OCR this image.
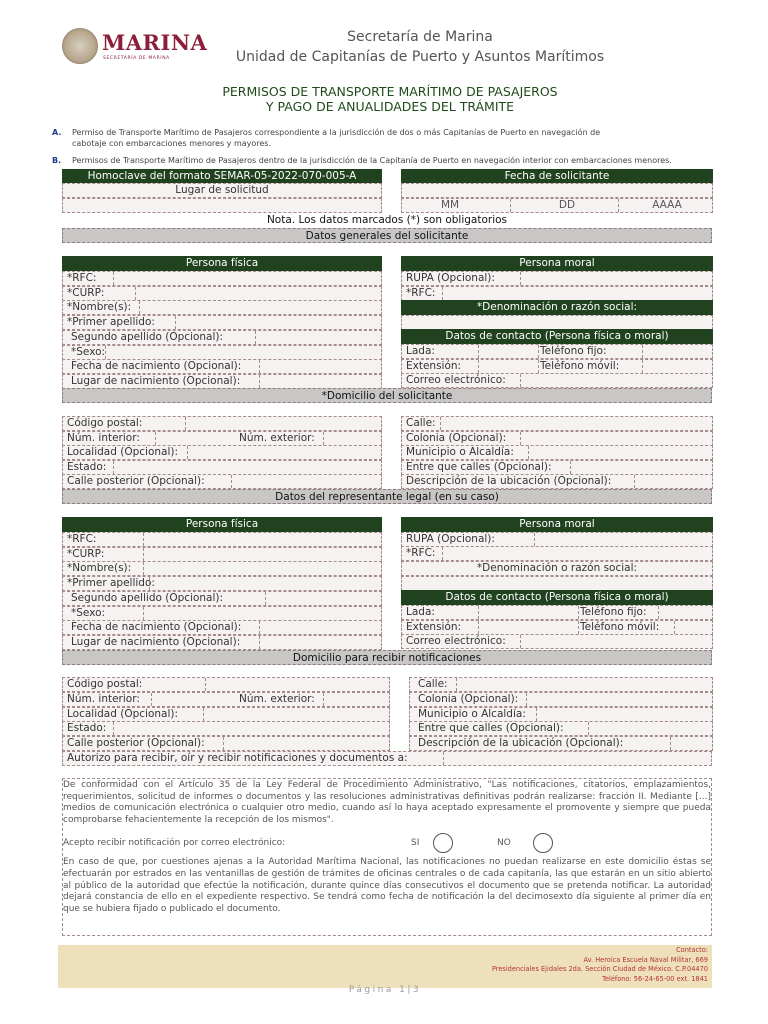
MARINA
SECRETARÍA DE MARINA
Secretaría de Marina
Unidad de Capitanías de Puerto y Asuntos Marítimos
PERMISOS DE TRANSPORTE MARÍTIMO DE PASAJEROS
Y PAGO DE ANUALIDADES DEL TRÁMITE
A. Permiso de Transporte Marítimo de Pasajeros correspondiente a la jurisdicción de dos o más Capitanías de Puerto en navegación de
cabotaje con embarcaciones menores y mayores.
B. Permisos de Transporte Marítimo de Pasajeros dentro de la jurisdicción de la Capitanía de Puerto en navegación interior con embarcaciones menores.
Homoclave del formato SEMAR-05-2022-070-005-A
Lugar de solicitud
Fecha de solicitante
MM	DD	AAAA
Nota. Los datos marcados (*) son obligatorios
Datos generales del solicitante
Persona física
*RFC:
*CURP:
*Nombre(s):
*Primer apellido:
Segundo apellido (Opcional):
*Sexo:
Fecha de nacimiento (Opcional):
Lugar de nacimiento (Opcional):
Persona moral
RUPA (Opcional):
*RFC:
*Denominación o razón social:
Datos de contacto (Persona física o moral)
Lada:	Teléfono fijo:
Extensión:	Teléfono móvil:
Correo electrónico:
*Domicilio del solicitante
Código postal:
Núm. interior:	Núm. exterior:
Localidad (Opcional):
Estado:
Calle posterior (Opcional):
Calle:
Colonia (Opcional):
Municipio o Alcaldía:
Entre que calles (Opcional):
Descripción de la ubicación (Opcional):
Datos del representante legal (en su caso)
Persona física
*RFC:
*CURP:
*Nombre(s):
*Primer apellido:
Segundo apellido (Opcional):
*Sexo:
Fecha de nacimiento (Opcional):
Lugar de nacimiento (Opcional):
Persona moral
RUPA (Opcional):
*RFC:
*Denominación o razón social:
Datos de contacto (Persona física o moral)
Lada:	Teléfono fijo:
Extensión:	Teléfono móvil:
Correo electrónico:
Domicilio para recibir notificaciones
Código postal:
Núm. interior:	Núm. exterior:
Localidad (Opcional):
Estado:
Calle posterior (Opcional):
Calle:
Colonia (Opcional):
Municipio o Alcaldía:
Entre que calles (Opcional):
Descripción de la ubicación (Opcional):
Autorizo para recibir, oír y recibir notificaciones y documentos a:
De conformidad con el Artículo 35 de la Ley Federal de Procedimiento Administrativo, "Las notificaciones, citatorios, emplazamientos, requerimientos, solicitud de informes o documentos y las resoluciones administrativas definitivas podrán realizarse: fracción II. Mediante [...] medios de comunicación electrónica o cualquier otro medio, cuando así lo haya aceptado expresamente el promovente y siempre que pueda comprobarse fehacientemente la recepción de los mismos".
Acepto recibir notificación por correo electrónico:	SI	NO
En caso de que, por cuestiones ajenas a la Autoridad Marítima Nacional, las notificaciones no puedan realizarse en este domicilio éstas se efectuarán por estrados en las ventanillas de gestión de trámites de oficinas centrales o de cada capitanía, las que estarán en un sitio abierto al público de la autoridad que efectúe la notificación, durante quince días consecutivos el documento que se pretenda notificar. La autoridad dejará constancia de ello en el expediente respectivo. Se tendrá como fecha de notificación la del decimosexto día siguiente al primer día en que se hubiera fijado o publicado el documento.
Contacto:
Av. Heroica Escuela Naval Militar, 669
Presidenciales Ejidales 2da. Sección Ciudad de México. C.P.04470
Teléfono: 56-24-65-00 ext. 1841
Página 1|3
